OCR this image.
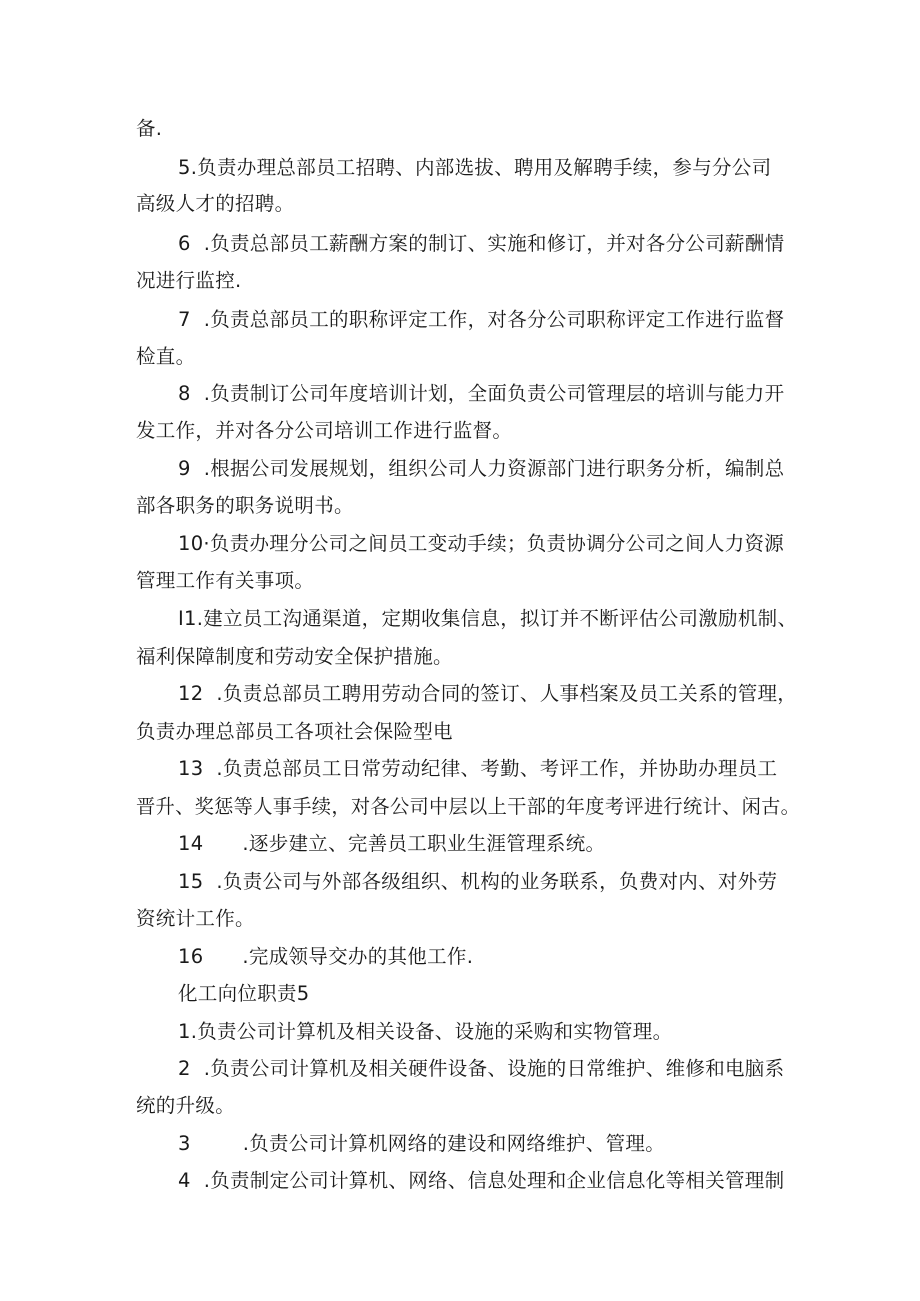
备.
5.负责办理总部员工招聘、内部选拔、聘用及解聘手续，参与分公司
高级人才的招聘。
6  .负责总部员工薪酬方案的制订、实施和修订，并对各分公司薪酬情
况进行监控.
7  .负责总部员工的职称评定工作，对各分公司职称评定工作进行监督
检直。
8  .负责制订公司年度培训计划，全面负责公司管理层的培训与能力开
发工作，并对各分公司培训工作进行监督。
9  .根据公司发展规划，组织公司人力资源部门进行职务分析，编制总
部各职务的职务说明书。
10·负责办理分公司之间员工变动手续；负责协调分公司之间人力资源
管理工作有关事项。
I1.建立员工沟通渠道，定期收集信息，拟订并不断评估公司激励机制、
福利保障制度和劳动安全保护措施。
12  .负责总部员工聘用劳动合同的签订、人事档案及员工关系的管理，
负责办理总部员工各项社会保险型电
13  .负责总部员工日常劳动纪律、考勤、考评工作，并协助办理员工
晋升、奖惩等人事手续，对各公司中层以上干部的年度考评进行统计、闲古。
14      .逐步建立、完善员工职业生涯管理系统。
15  .负责公司与外部各级组织、机构的业务联系，负费对内、对外劳
资统计工作。
16      .完成领导交办的其他工作.
化工向位职责5
1.负责公司计算机及相关设备、设施的采购和实物管理。
2  .负责公司计算机及相关硬件设备、设施的日常维护、维修和电脑系
统的升级。
3        .负责公司计算机网络的建设和网络维护、管理。
4  .负责制定公司计算机、网络、信息处理和企业信息化等相关管理制
